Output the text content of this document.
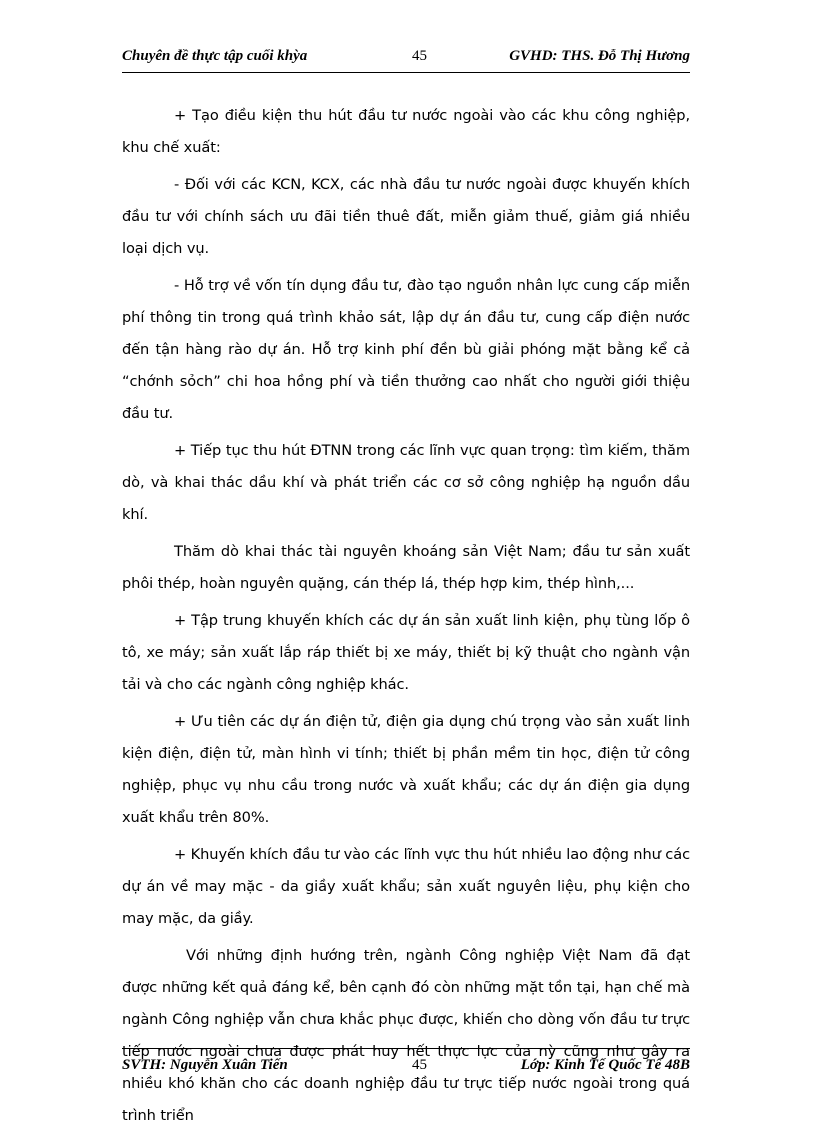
Chuyên đề thực tập cuối khỳa	45	GVHD: THS. Đỗ Thị Hương

+ Tạo điều kiện thu hút đầu tư nước ngoài vào các khu công nghiệp, khu chế xuất:

- Đối với các KCN, KCX, các nhà đầu tư nước ngoài được khuyến khích đầu tư với chính sách ưu đãi tiền thuê đất, miễn giảm thuế, giảm giá nhiều loại dịch vụ.

- Hỗ trợ về vốn tín dụng đầu tư, đào tạo nguồn nhân lực cung cấp miễn phí thông tin trong quá trình khảo sát, lập dự án đầu tư, cung cấp điện nước đến tận hàng rào dự án. Hỗ trợ kinh phí đền bù giải phóng mặt bằng kể cả “chớnh sỏch” chi hoa hồng phí và tiền thưởng cao nhất cho người giới thiệu đầu tư.

+ Tiếp tục thu hút ĐTNN trong các lĩnh vực quan trọng: tìm kiếm, thăm dò, và khai thác dầu khí và phát triển các cơ sở công nghiệp hạ nguồn dầu khí.

Thăm dò khai thác tài nguyên khoáng sản Việt Nam; đầu tư sản xuất phôi thép, hoàn nguyên quặng, cán thép lá, thép hợp kim, thép hình,...

+ Tập trung khuyến khích các dự án sản xuất linh kiện, phụ tùng lốp ô tô, xe máy; sản xuất lắp ráp thiết bị xe máy, thiết bị kỹ thuật cho ngành vận tải và cho các ngành công nghiệp khác.

+ Ưu tiên các dự án điện tử, điện gia dụng chú trọng vào sản xuất linh kiện điện, điện tử, màn hình vi tính; thiết bị phần mềm tin học, điện tử công nghiệp, phục vụ nhu cầu trong nước và xuất khẩu; các dự án điện gia dụng xuất khẩu trên 80%.

+ Khuyến khích đầu tư vào các lĩnh vực thu hút nhiều lao động như các dự án về may mặc - da giầy xuất khẩu; sản xuất nguyên liệu, phụ kiện cho may mặc, da giầy.

Với những định hướng trên, ngành Công nghiệp Việt Nam đã đạt được những kết quả đáng kể, bên cạnh đó còn những mặt tồn tại, hạn chế mà ngành Công nghiệp vẫn chưa khắc phục được, khiến cho dòng vốn đầu tư trực tiếp nước ngoài chưa được phát huy hết thực lực của nỳ cũng như gây ra nhiều khó khăn cho các doanh nghiệp đầu tư trực tiếp nước ngoài trong quá trình triển

SVTH: Nguyễn Xuân Tiến	45	Lớp: Kinh Tế Quốc Tế 48B
